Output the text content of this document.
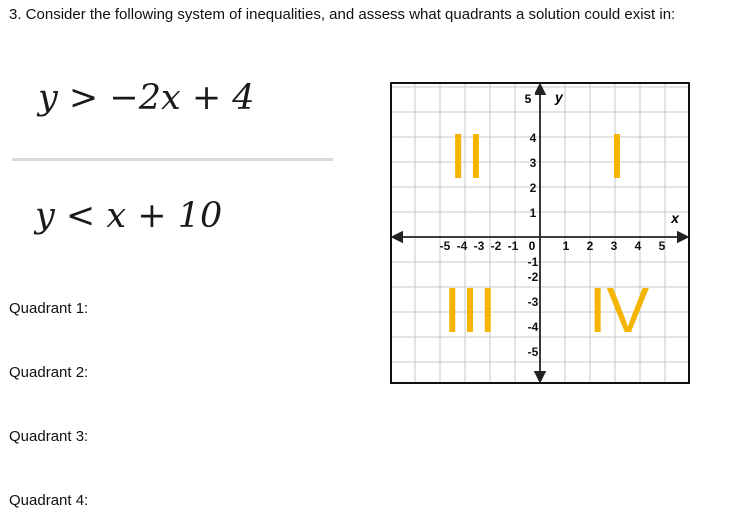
3. Consider the following system of inequalities, and assess what quadrants a solution could exist in:
y > −2x + 4
y < x + 10
Quadrant 1:
Quadrant 2:
Quadrant 3:
Quadrant 4:
-5 -4 -3 -2 -1	1 2 3 4 5
1
2
3
4
-1
-2
-3
-4
-5
5 y
x
0
II I
III IV
